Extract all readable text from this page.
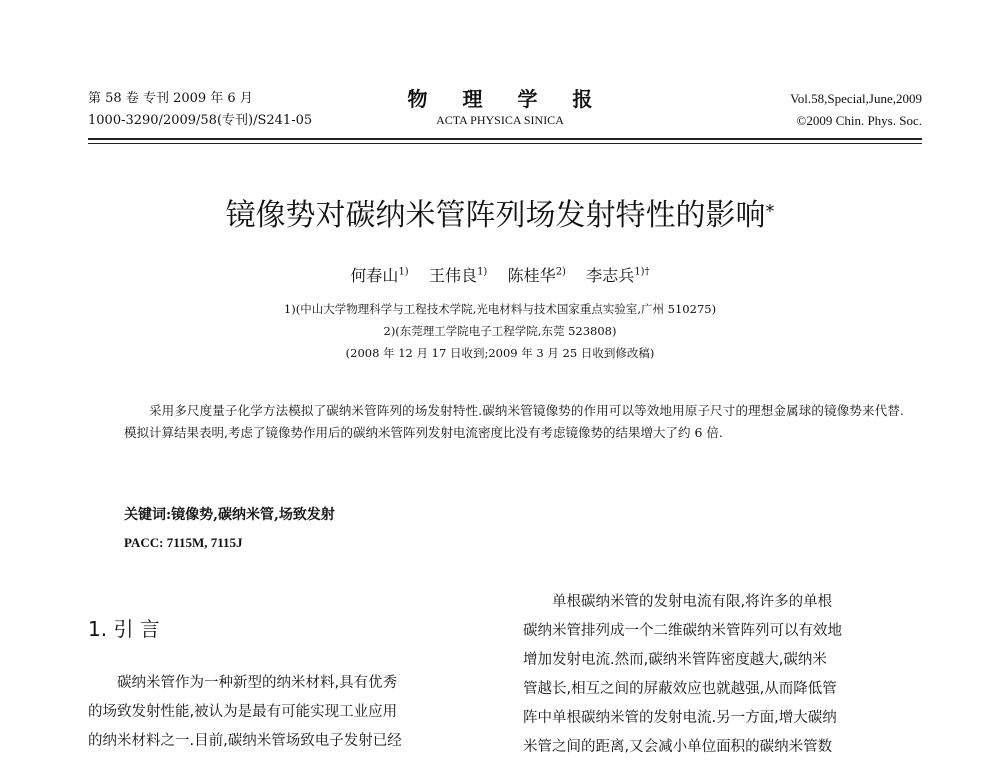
第 58 卷 专刊 2009 年 6 月
1000-3290/2009/58(专刊)/S241-05
物 理 学 报
ACTA PHYSICA SINICA
Vol.58,Special,June,2009
©2009 Chin. Phys. Soc.
镜像势对碳纳米管阵列场发射特性的影响*
何春山$^{1)}$ 王伟良$^{1)}$ 陈桂华$^{2)}$ 李志兵$^{1)\dagger}$
1)(中山大学物理科学与工程技术学院,光电材料与技术国家重点实验室,广州 510275)
2)(东莞理工学院电子工程学院,东莞 523808)
(2008 年 12 月 17 日收到;2009 年 3 月 25 日收到修改稿)
采用多尺度量子化学方法模拟了碳纳米管阵列的场发射特性.碳纳米管镜像势的作用可以等效地用原子尺寸的理想金属球的镜像势来代替.模拟计算结果表明,考虑了镜像势作用后的碳纳米管阵列发射电流密度比没有考虑镜像势的结果增大了约 6 倍.
关键词:镜像势,碳纳米管,场致发射
PACC: 7115M, 7115J
1. 引 言
碳纳米管作为一种新型的纳米材料,具有优秀
的场致发射性能,被认为是最有可能实现工业应用
的纳米材料之一.目前,碳纳米管场致电子发射已经
单根碳纳米管的发射电流有限,将许多的单根
碳纳米管排列成一个二维碳纳米管阵列可以有效地
增加发射电流.然而,碳纳米管阵密度越大,碳纳米
管越长,相互之间的屏蔽效应也就越强,从而降低管
阵中单根碳纳米管的发射电流.另一方面,增大碳纳
米管之间的距离,又会减小单位面积的碳纳米管数
